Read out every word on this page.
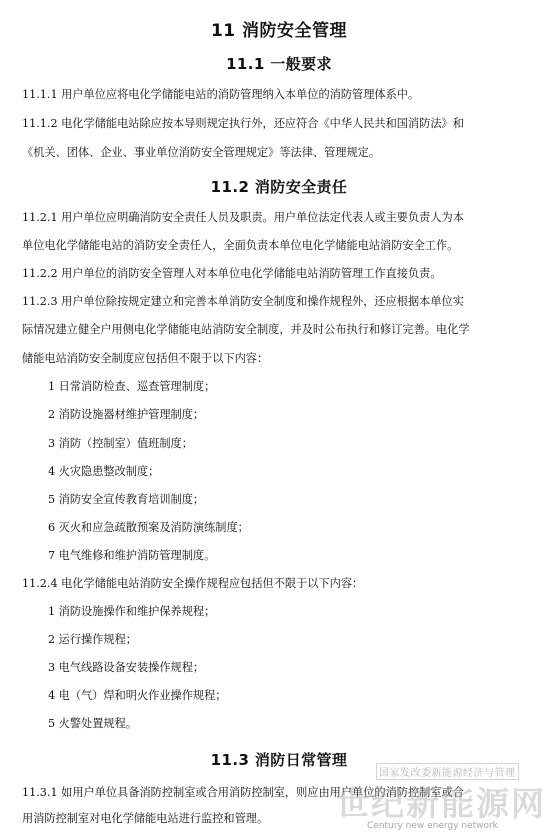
11 消防安全管理
11.1 一般要求
11.1.1 用户单位应将电化学储能电站的消防管理纳入本单位的消防管理体系中。
11.1.2 电化学储能电站除应按本导则规定执行外，还应符合《中华人民共和国消防法》和
《机关、团体、企业、事业单位消防安全管理规定》等法律、管理规定。
11.2 消防安全责任
11.2.1 用户单位应明确消防安全责任人员及职责。用户单位法定代表人或主要负责人为本
单位电化学储能电站的消防安全责任人，全面负责本单位电化学储能电站消防安全工作。
11.2.2 用户单位的消防安全管理人对本单位电化学储能电站消防管理工作直接负责。
11.2.3 用户单位除按规定建立和完善本单消防安全制度和操作规程外，还应根据本单位实
际情况建立健全户用侧电化学储能电站消防安全制度，并及时公布执行和修订完善。电化学
储能电站消防安全制度应包括但不限于以下内容：
1 日常消防检查、巡查管理制度；
2 消防设施器材维护管理制度；
3 消防（控制室）值班制度；
4 火灾隐患整改制度；
5 消防安全宣传教育培训制度；
6 灭火和应急疏散预案及消防演练制度；
7 电气维修和维护消防管理制度。
11.2.4 电化学储能电站消防安全操作规程应包括但不限于以下内容：
1 消防设施操作和维护保养规程；
2 运行操作规程；
3 电气线路设备安装操作规程；
4 电（气）焊和明火作业操作规程；
5 火警处置规程。
11.3 消防日常管理
11.3.1 如用户单位具备消防控制室或合用消防控制室，则应由用户单位的消防控制室或合
用消防控制室对电化学储能电站进行监控和管理。
国家发改委新能源经济与管理
世纪新能源网
Century new energy network
